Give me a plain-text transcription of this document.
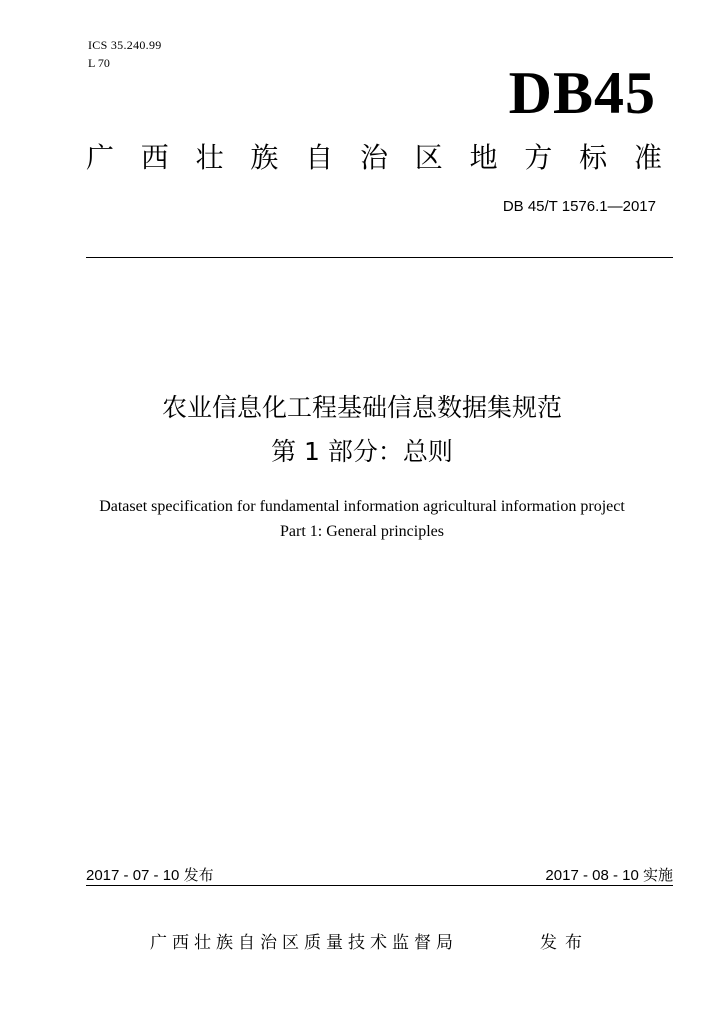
ICS 35.240.99
L 70	DB45
广 西 壮 族 自 治 区 地 方 标 准
DB 45/T 1576.1—2017
农业信息化工程基础信息数据集规范
第 1 部分：总则
Dataset specification for fundamental information agricultural information project
Part 1: General principles
2017 - 07 - 10 发布	2017 - 08 - 10 实施
广西壮族自治区质量技术监督局	发布
